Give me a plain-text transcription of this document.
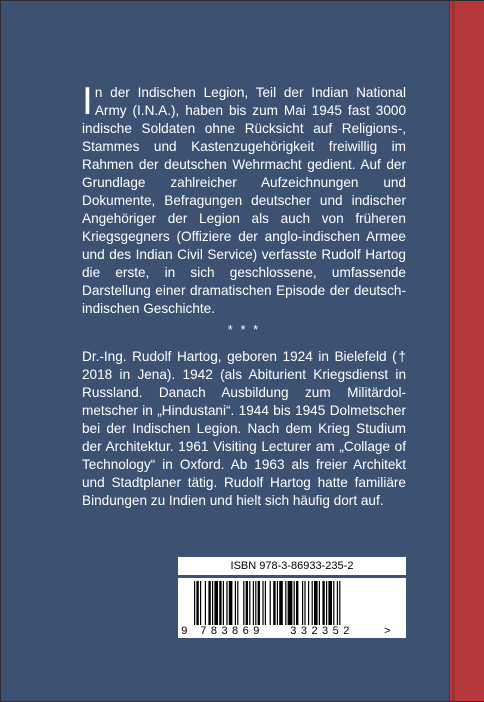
In der Indischen Legion, Teil der Indian National Army (I.N.A.), haben bis zum Mai 1945 fast 3000 indische Soldaten ohne Rücksicht auf Religions-, Stammes und Kastenzugehörigkeit freiwillig im Rahmen der deutschen Wehrmacht gedient. Auf der Grundlage zahlreicher Aufzeichnungen und Dokumente, Befragungen deutscher und indischer Angehöriger der Legion als auch von früheren Kriegsgegners (Offiziere der anglo-indischen Armee und des Indian Civil Service) verfasste Rudolf Hartog die erste, in sich geschlossene, umfassende Darstellung einer dramatischen Episode der deutsch-indischen Geschichte.

* * *

Dr.-Ing. Rudolf Hartog, geboren 1924 in Bielefeld († 2018 in Jena). 1942 (als Abiturient Kriegsdienst in Russland. Danach Ausbildung zum Militärdolmetscher in „Hindustani“. 1944 bis 1945 Dolmetscher bei der Indischen Legion. Nach dem Krieg Studium der Architektur. 1961 Visiting Lecturer am „Collage of Technology“ in Oxford. Ab 1963 als freier Architekt und Stadtplaner tätig. Rudolf Hartog hatte familiäre Bindungen zu Indien und hielt sich häufig dort auf.

ISBN 978-3-86933-235-2
9 783869 332352	>
